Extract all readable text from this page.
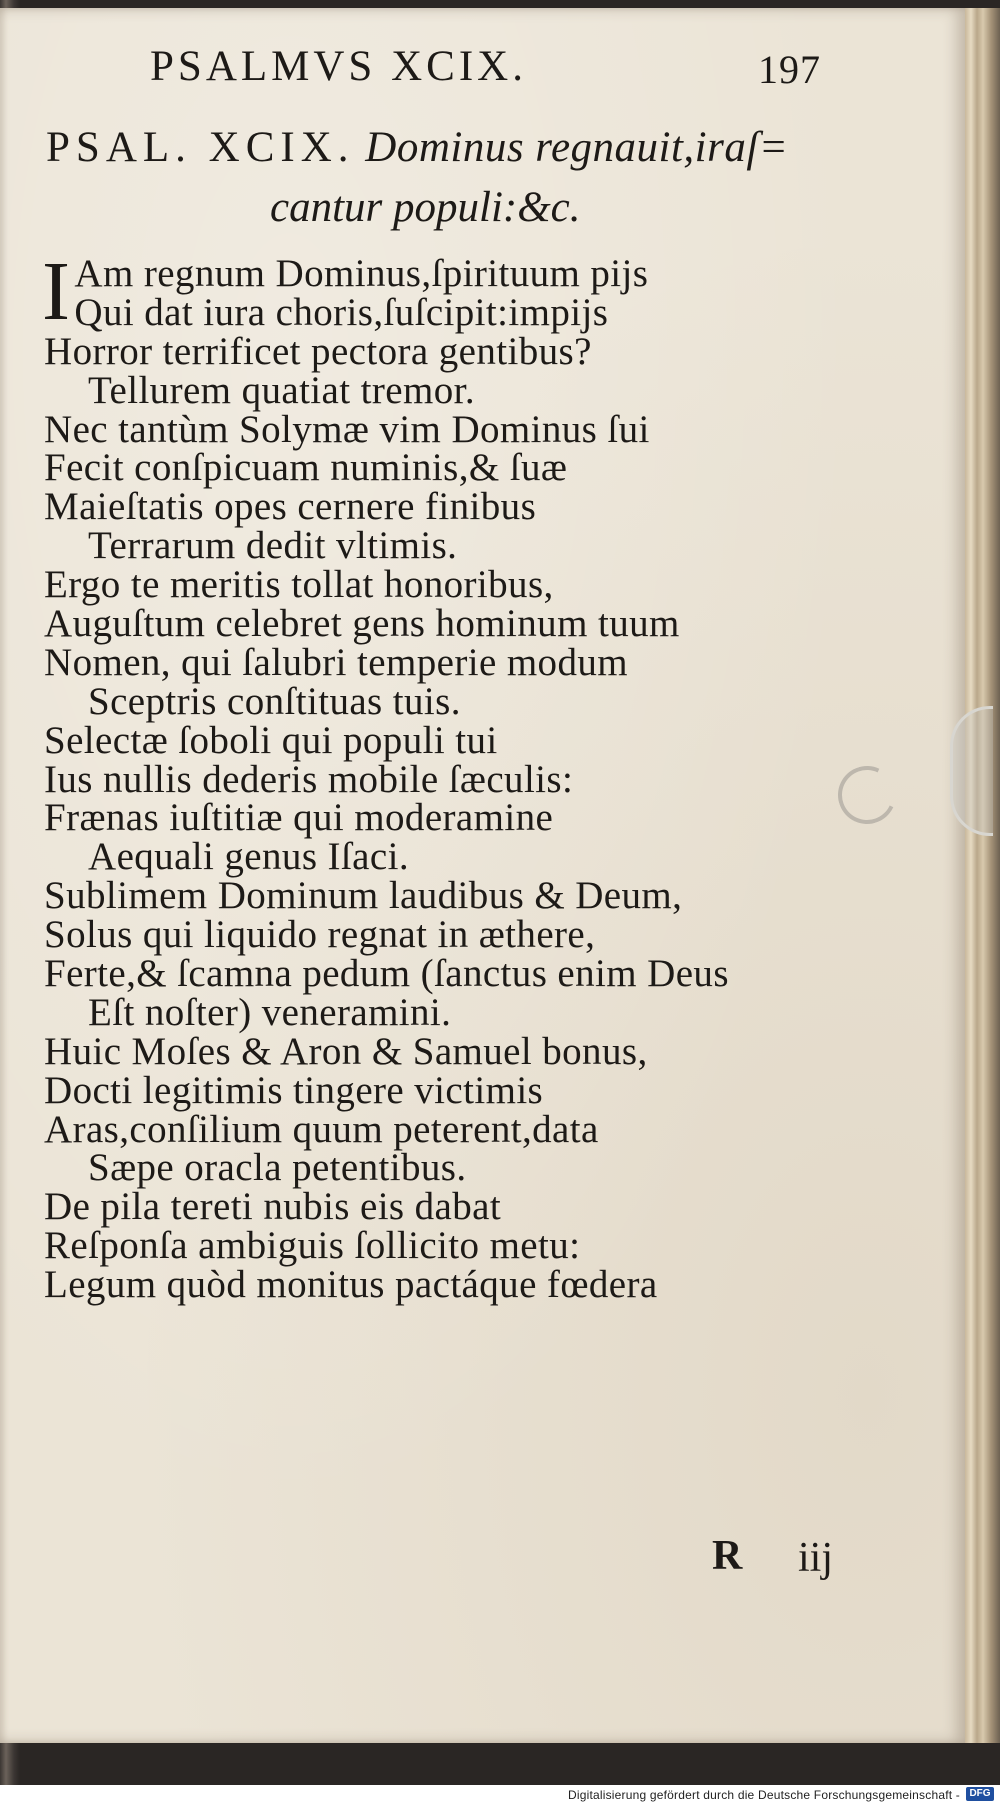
PSALMVS XCIX.	197
PSAL. XCIX. Dominus regnauit,iraſ=
cantur populi:&c.
I Am regnum Dominus,ſpirituum pijs
Qui dat iura choris,ſuſcipit:impijs
Horror terrificet pectora gentibus?
Tellurem quatiat tremor.
Nec tantùm Solymæ vim Dominus ſui
Fecit conſpicuam numinis,& ſuæ
Maieſtatis opes cernere finibus
Terrarum dedit vltimis.
Ergo te meritis tollat honoribus,
Auguſtum celebret gens hominum tuum
Nomen, qui ſalubri temperie modum
Sceptris conſtituas tuis.
Selectæ ſoboli qui populi tui
Ius nullis dederis mobile ſæculis:
Frænas iuſtitiæ qui moderamine
Aequali genus Iſaci.
Sublimem Dominum laudibus & Deum,
Solus qui liquido regnat in æthere,
Ferte,& ſcamna pedum (ſanctus enim Deus
Eſt noſter) veneramini.
Huic Moſes & Aron & Samuel bonus,
Docti legitimis tingere victimis
Aras,conſilium quum peterent,data
Sæpe oracla petentibus.
De pila tereti nubis eis dabat
Reſponſa ambiguis ſollicito metu:
Legum quòd monitus pactáque fœdera
R iij
Digitalisierung gefördert durch die Deutsche Forschungsgemeinschaft - DFG
